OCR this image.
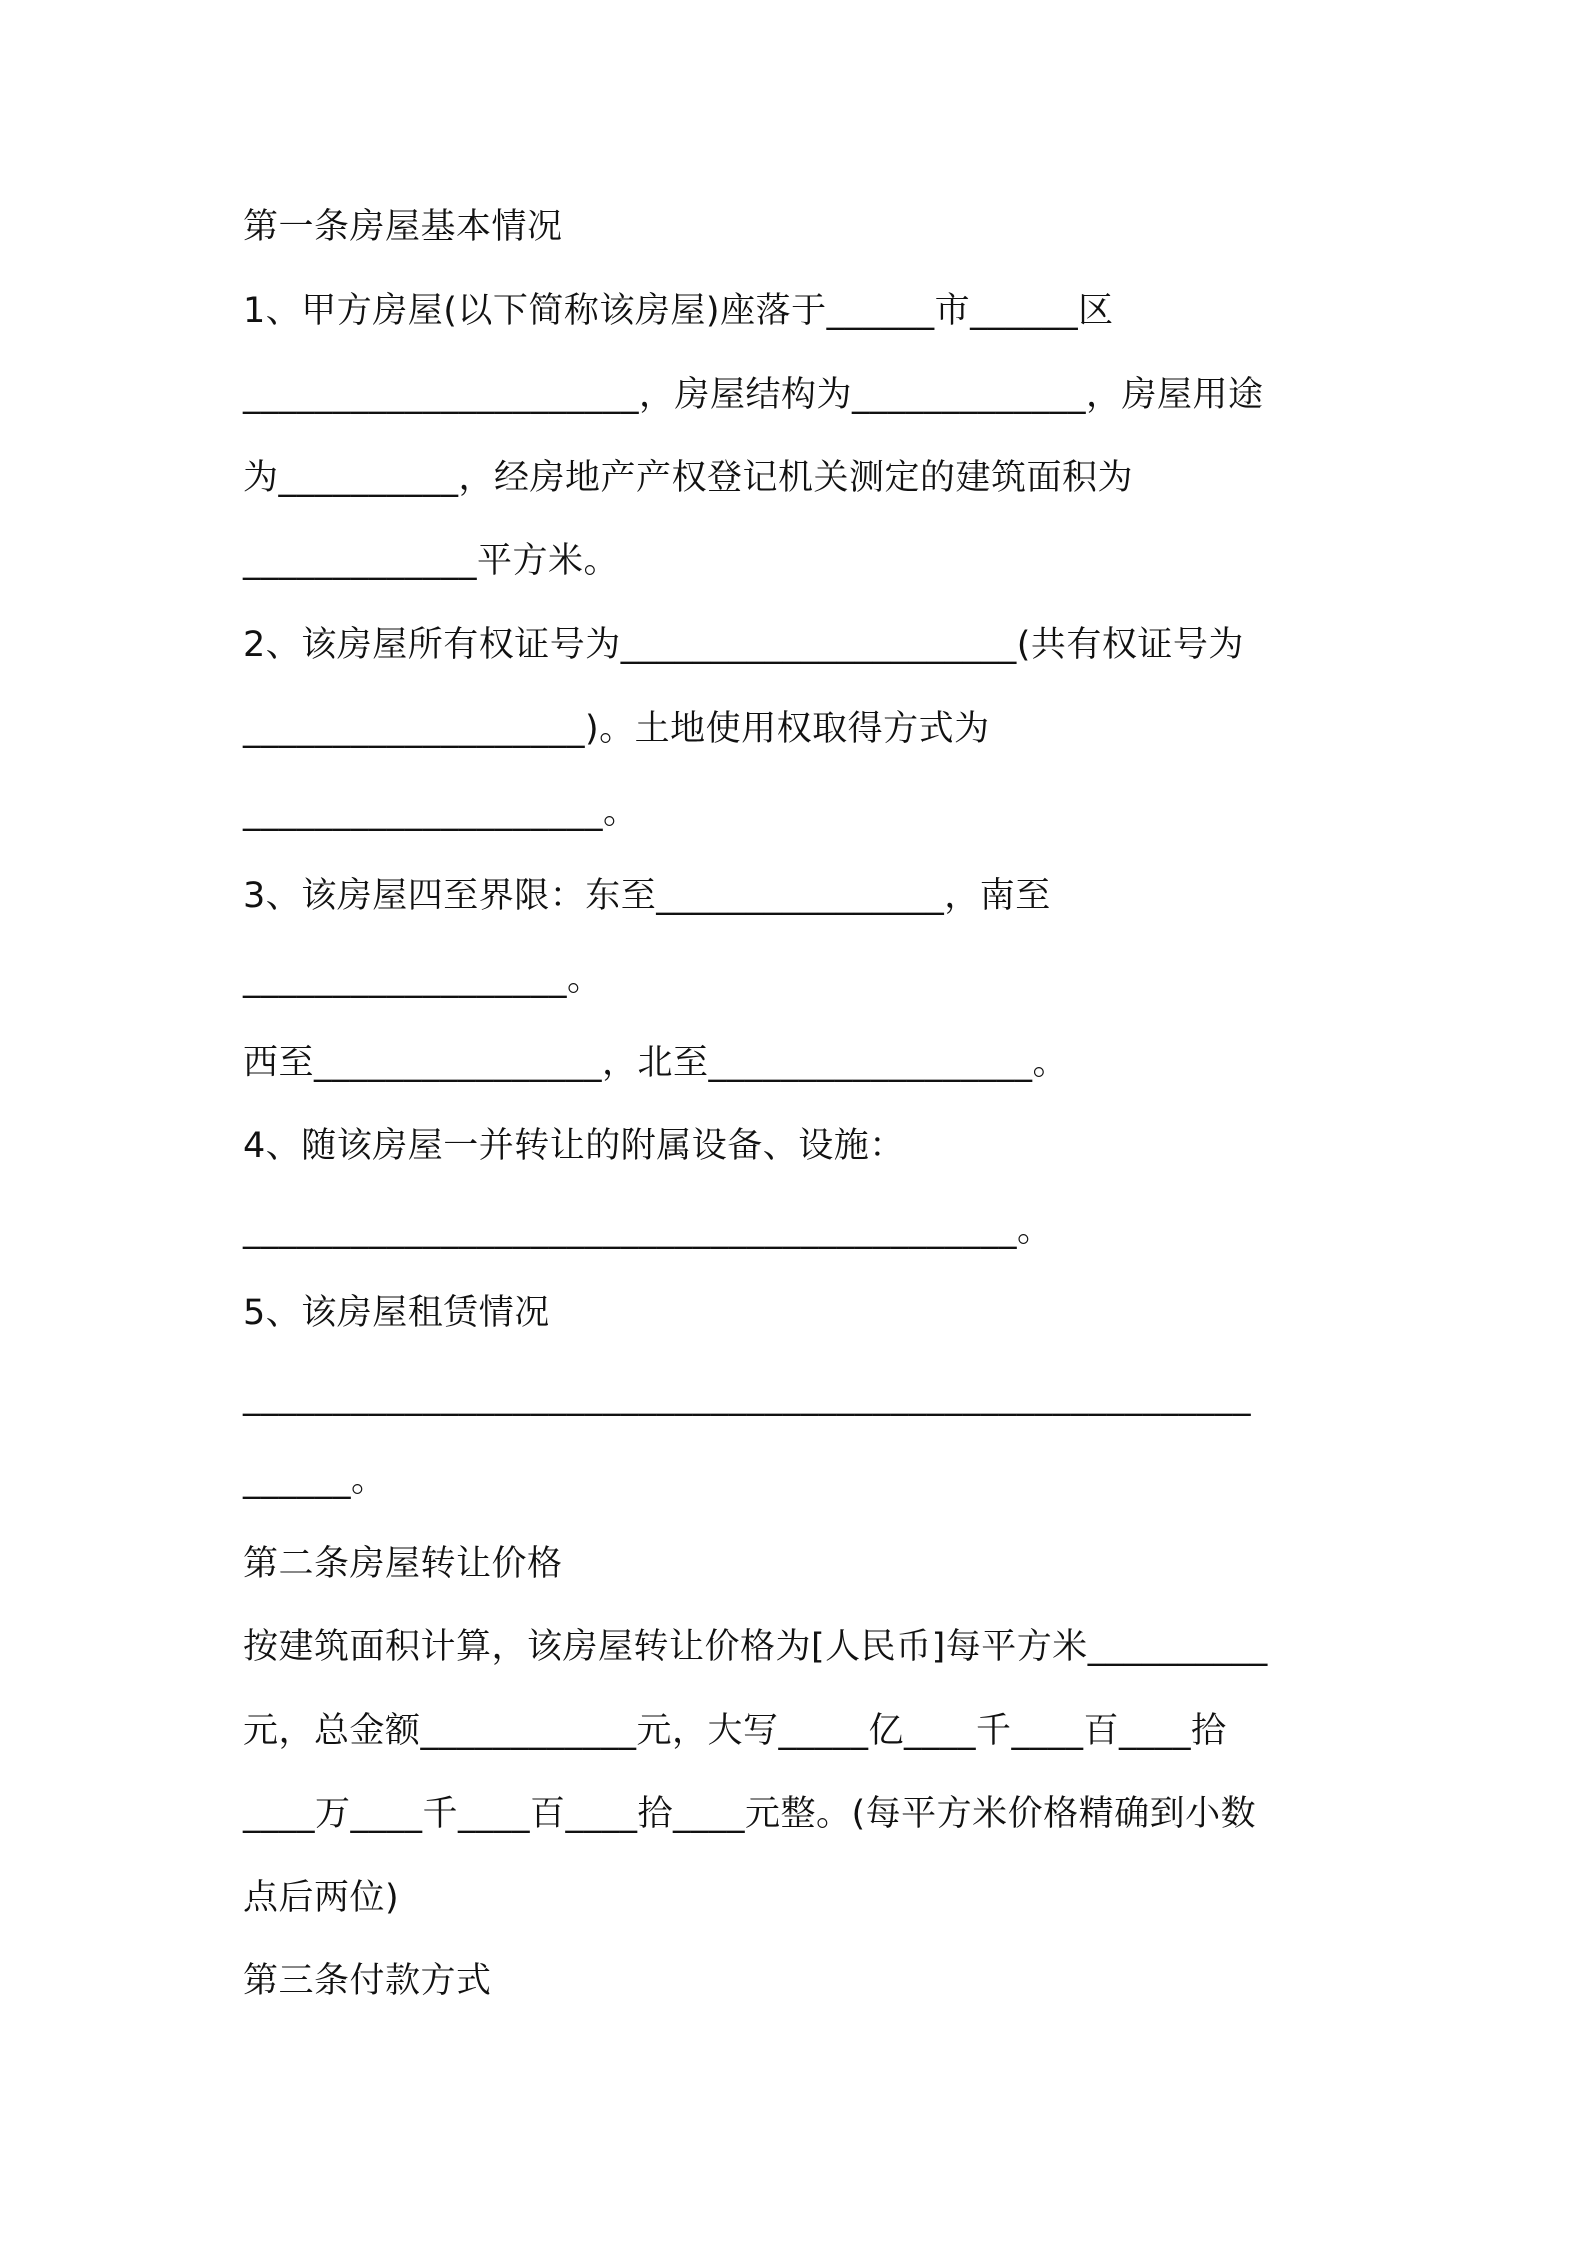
第一条房屋基本情况

1、甲方房屋(以下简称该房屋)座落于______市______区

______________________，房屋结构为_____________，房屋用途

为__________，经房地产产权登记机关测定的建筑面积为

_____________平方米。

2、该房屋所有权证号为______________________(共有权证号为

___________________)。土地使用权取得方式为

____________________。

3、该房屋四至界限：东至________________，南至

__________________。

西至________________，北至__________________。

4、随该房屋一并转让的附属设备、设施：

___________________________________________。

5、该房屋租赁情况

________________________________________________________

______。

第二条房屋转让价格

按建筑面积计算，该房屋转让价格为[人民币]每平方米__________

元，总金额____________元，大写_____亿____千____百____拾

____万____千____百____拾____元整。(每平方米价格精确到小数

点后两位)

第三条付款方式
